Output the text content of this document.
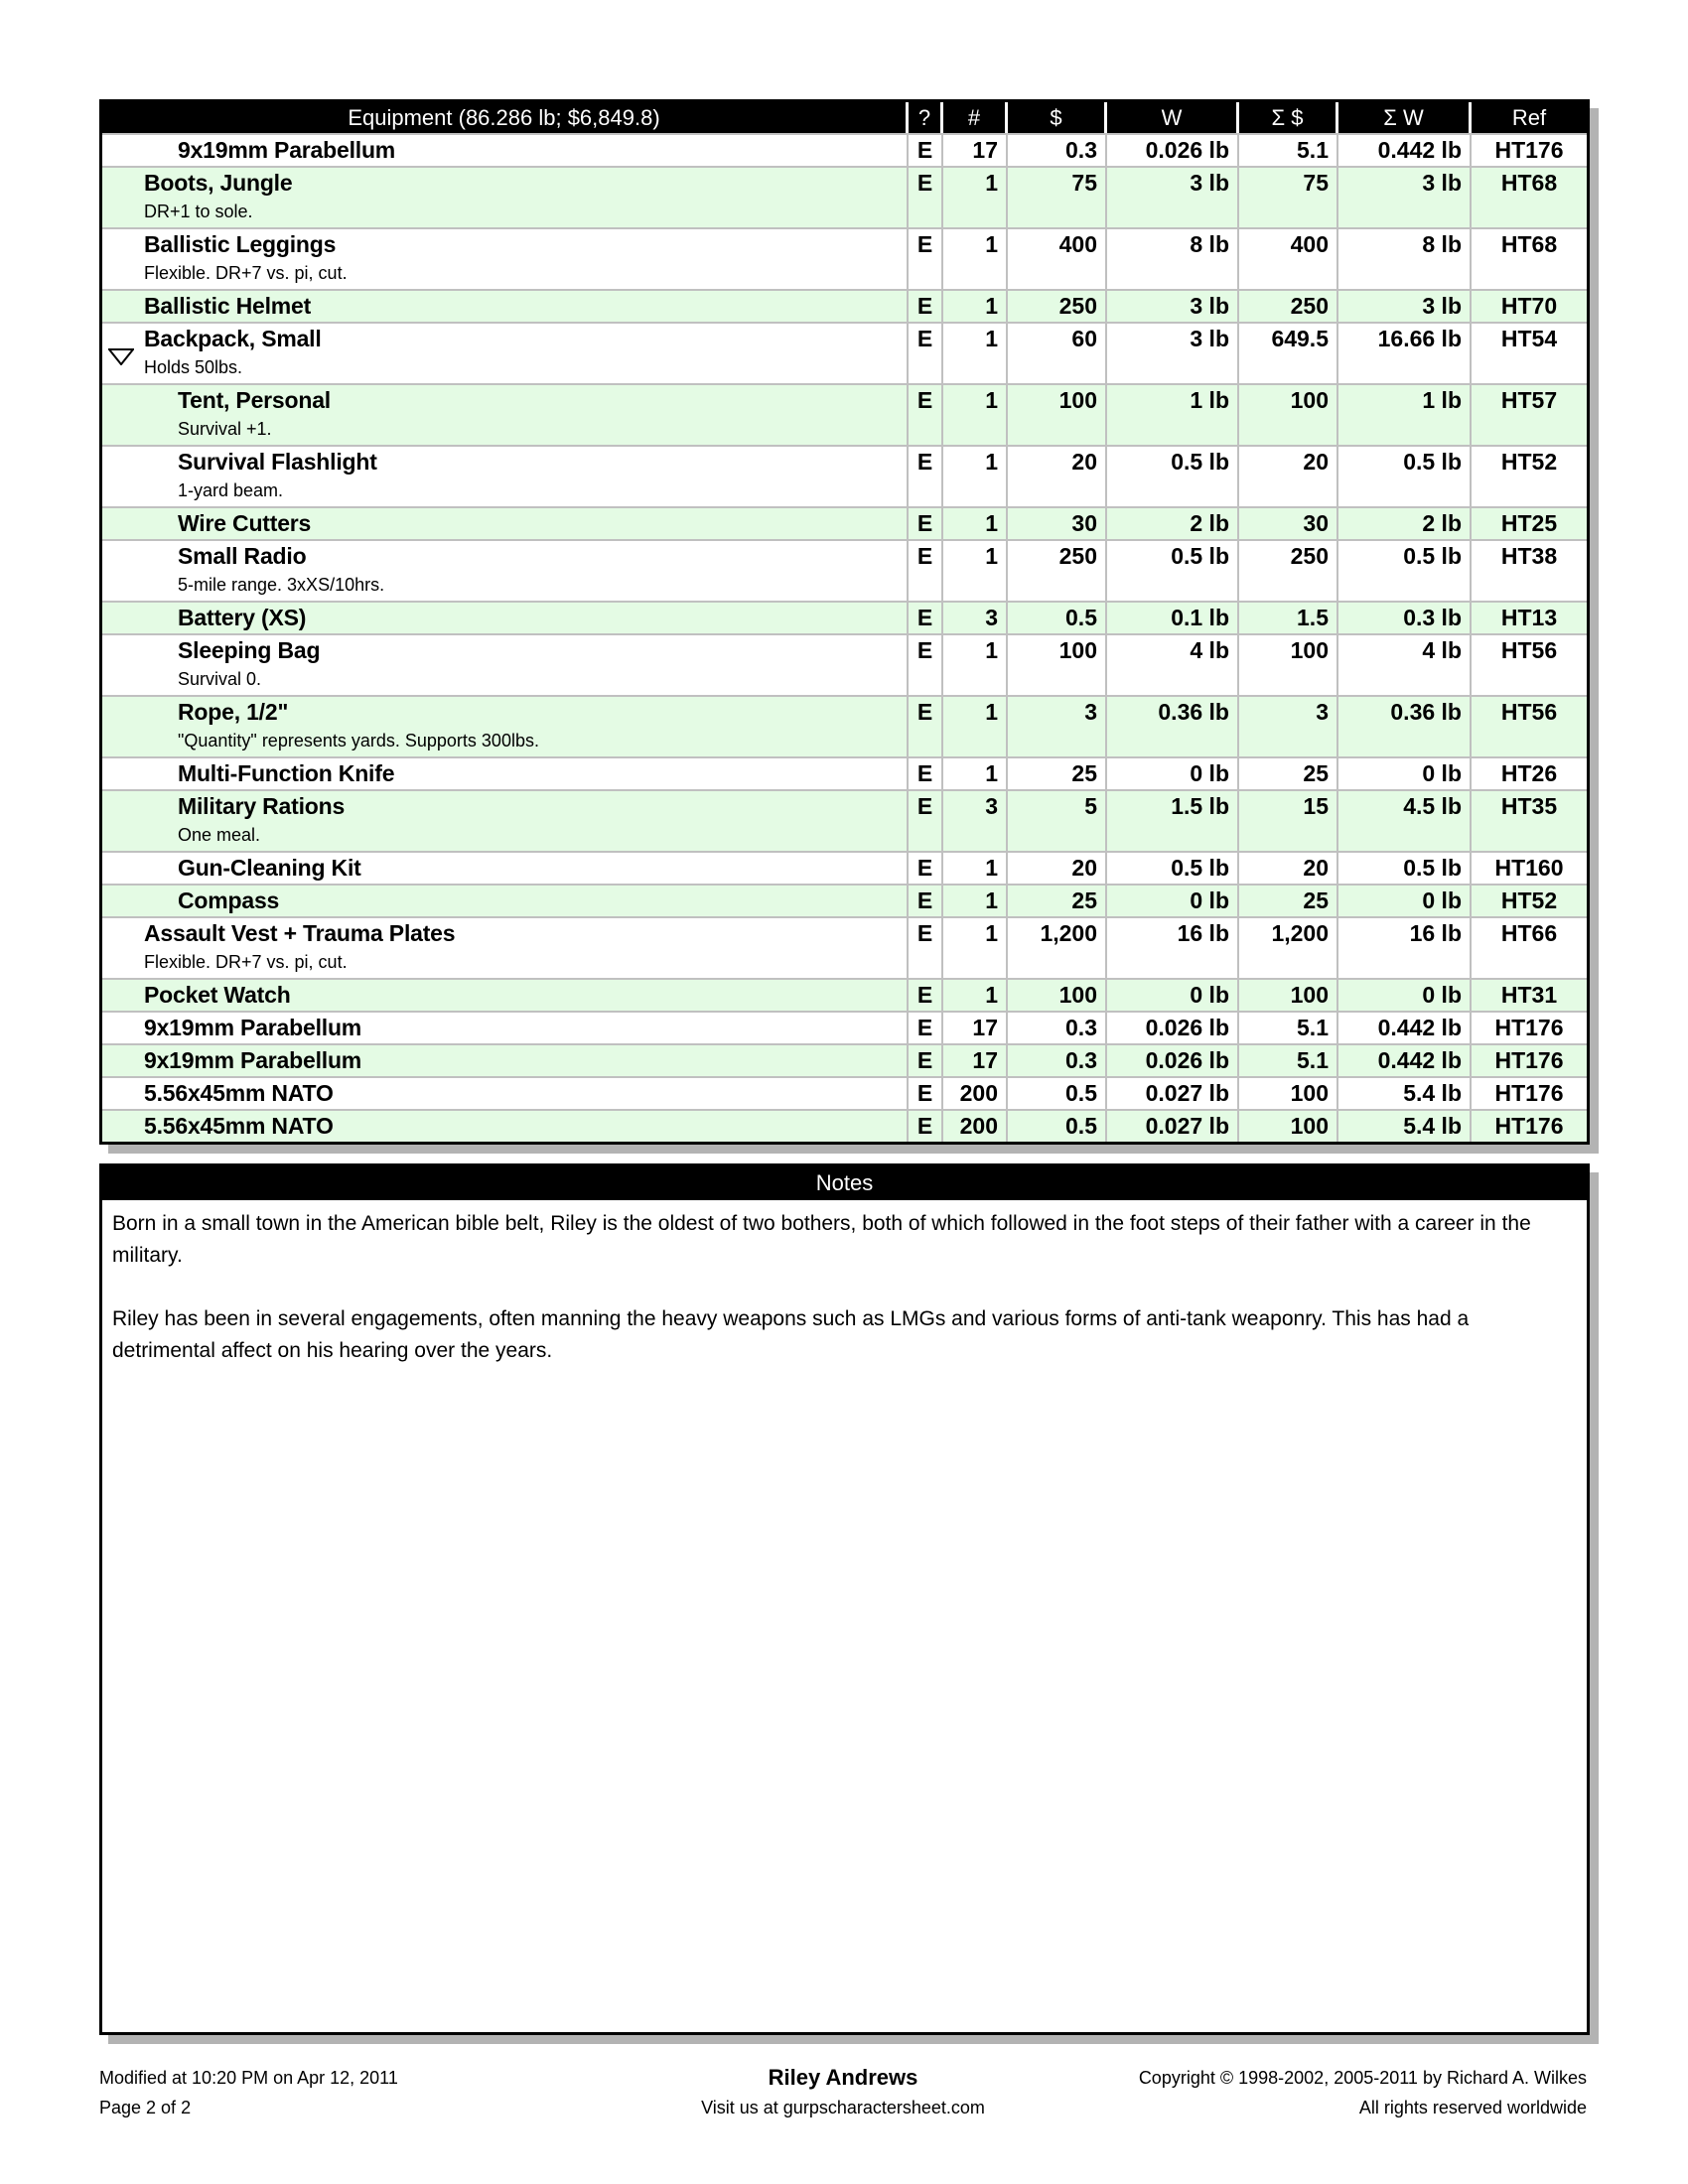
Equipment (86.286 lb; $6,849.8)	?	#	$	W	Σ $	Σ W	Ref

9x19mm Parabellum	E	17	0.3	0.026 lb	5.1	0.442 lb	HT176

Boots, Jungle
DR+1 to sole.	E	1	75	3 lb	75	3 lb	HT68

Ballistic Leggings
Flexible. DR+7 vs. pi, cut.	E	1	400	8 lb	400	8 lb	HT68

Ballistic Helmet	E	1	250	3 lb	250	3 lb	HT70

Backpack, Small
Holds 50lbs.	E	1	60	3 lb	649.5	16.66 lb	HT54

Tent, Personal
Survival +1.	E	1	100	1 lb	100	1 lb	HT57

Survival Flashlight
1-yard beam.	E	1	20	0.5 lb	20	0.5 lb	HT52

Wire Cutters	E	1	30	2 lb	30	2 lb	HT25

Small Radio
5-mile range. 3xXS/10hrs.	E	1	250	0.5 lb	250	0.5 lb	HT38

Battery (XS)	E	3	0.5	0.1 lb	1.5	0.3 lb	HT13

Sleeping Bag
Survival 0.	E	1	100	4 lb	100	4 lb	HT56

Rope, 1/2"
"Quantity" represents yards. Supports 300lbs.	E	1	3	0.36 lb	3	0.36 lb	HT56

Multi-Function Knife	E	1	25	0 lb	25	0 lb	HT26

Military Rations
One meal.	E	3	5	1.5 lb	15	4.5 lb	HT35

Gun-Cleaning Kit	E	1	20	0.5 lb	20	0.5 lb	HT160

Compass	E	1	25	0 lb	25	0 lb	HT52

Assault Vest + Trauma Plates
Flexible. DR+7 vs. pi, cut.	E	1	1,200	16 lb	1,200	16 lb	HT66

Pocket Watch	E	1	100	0 lb	100	0 lb	HT31

9x19mm Parabellum	E	17	0.3	0.026 lb	5.1	0.442 lb	HT176

9x19mm Parabellum	E	17	0.3	0.026 lb	5.1	0.442 lb	HT176

5.56x45mm NATO	E	200	0.5	0.027 lb	100	5.4 lb	HT176

5.56x45mm NATO	E	200	0.5	0.027 lb	100	5.4 lb	HT176
Notes

Born in a small town in the American bible belt, Riley is the oldest of two bothers, both of which followed in the foot steps of their father with a career in the military.

Riley has been in several engagements, often manning the heavy weapons such as LMGs and various forms of anti-tank weaponry. This has had a detrimental affect on his hearing over the years.

Modified at 10:20 PM on Apr 12, 2011
Page 2 of 2
Riley Andrews
Visit us at gurpscharactersheet.com
Copyright © 1998-2002, 2005-2011 by Richard A. Wilkes
All rights reserved worldwide
